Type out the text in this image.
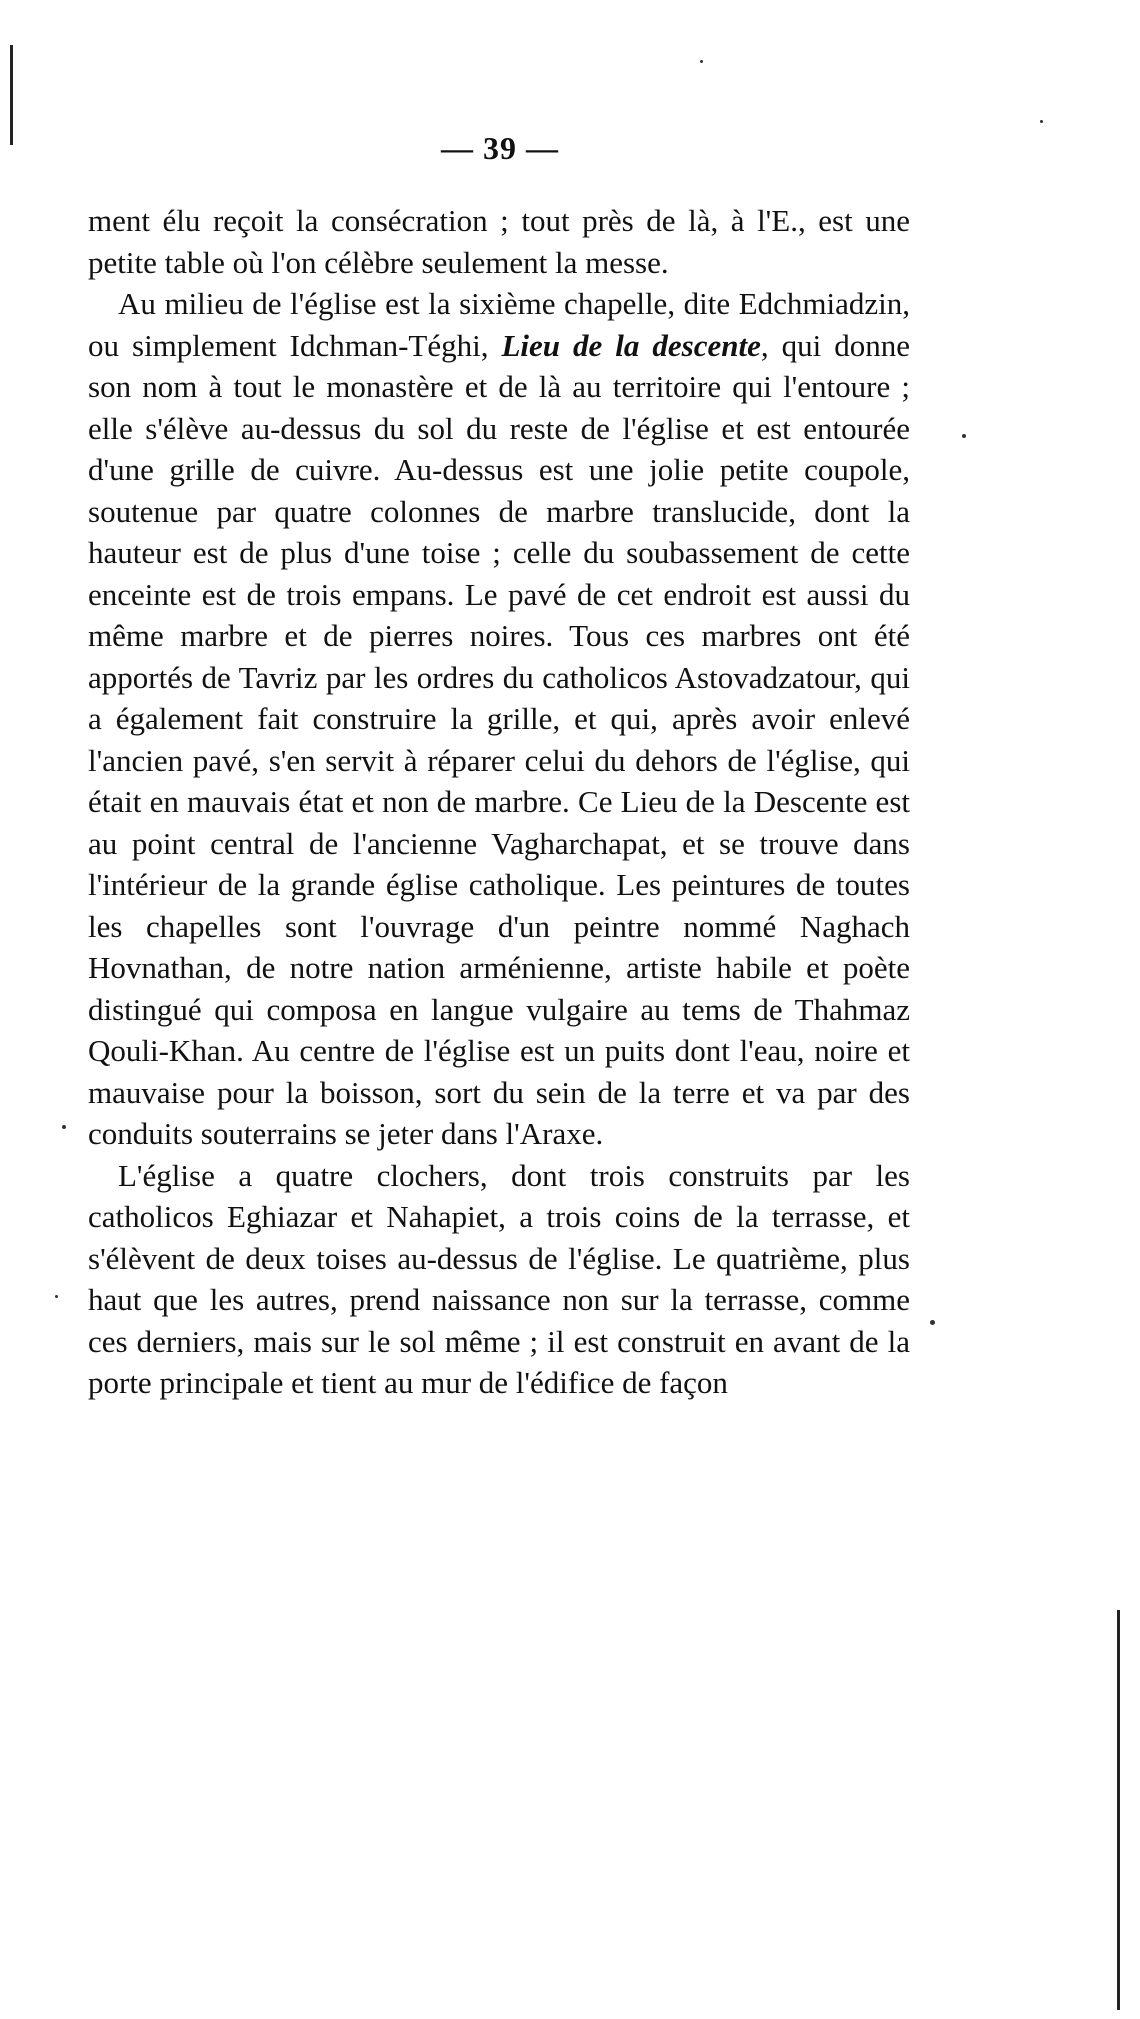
— 39 —

ment élu reçoit la consécration ; tout près de là, à l'E., est une petite table où l'on célèbre seulement la messe.

Au milieu de l'église est la sixième chapelle, dite Edchmiadzin, ou simplement Idchman-Téghi, Lieu de la descente, qui donne son nom à tout le monastère et de là au territoire qui l'entoure ; elle s'élève au-dessus du sol du reste de l'église et est entourée d'une grille de cuivre. Au-dessus est une jolie petite coupole, soutenue par quatre colonnes de marbre translucide, dont la hauteur est de plus d'une toise ; celle du soubassement de cette enceinte est de trois empans. Le pavé de cet endroit est aussi du même marbre et de pierres noires. Tous ces marbres ont été apportés de Tavriz par les ordres du catholicos Astovadzatour, qui a également fait construire la grille, et qui, après avoir enlevé l'ancien pavé, s'en servit à réparer celui du dehors de l'église, qui était en mauvais état et non de marbre. Ce Lieu de la Descente est au point central de l'ancienne Vagharchapat, et se trouve dans l'intérieur de la grande église catholique. Les peintures de toutes les chapelles sont l'ouvrage d'un peintre nommé Naghach Hovnathan, de notre nation arménienne, artiste habile et poète distingué qui composa en langue vulgaire au tems de Thahmaz Qouli-Khan. Au centre de l'église est un puits dont l'eau, noire et mauvaise pour la boisson, sort du sein de la terre et va par des conduits souterrains se jeter dans l'Araxe.

L'église a quatre clochers, dont trois construits par les catholicos Eghiazar et Nahapiet, a trois coins de la terrasse, et s'élèvent de deux toises au-dessus de l'église. Le quatrième, plus haut que les autres, prend naissance non sur la terrasse, comme ces derniers, mais sur le sol même ; il est construit en avant de la porte principale et tient au mur de l'édifice de façon
